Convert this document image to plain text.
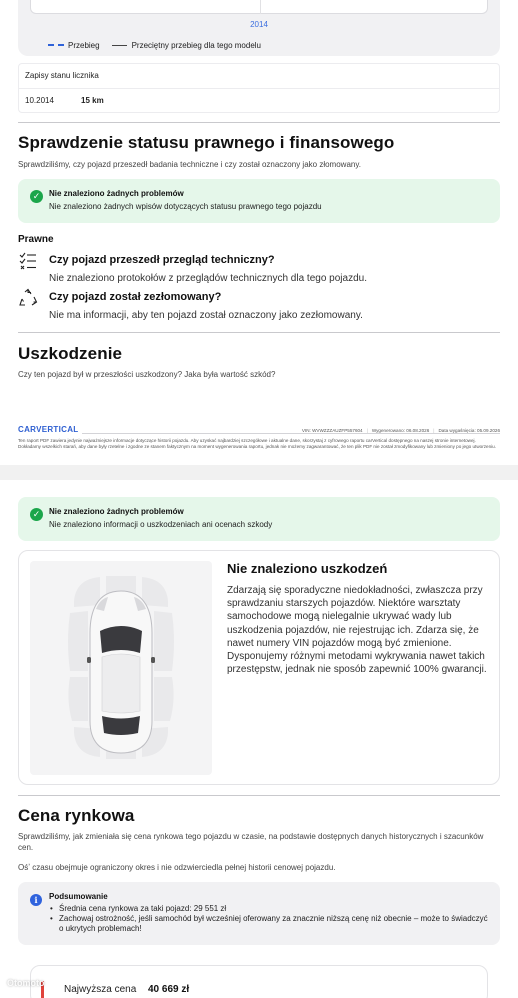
2014
Przebieg	Przeciętny przebieg dla tego modelu
Zapisy stanu licznika
10.2014	15 km
Sprawdzenie statusu prawnego i finansowego
Sprawdziliśmy, czy pojazd przeszedł badania techniczne i czy został oznaczony jako złomowany.
✓	Nie znaleziono żadnych problemów
Nie znaleziono żadnych wpisów dotyczących statusu prawnego tego pojazdu
Prawne
Czy pojazd przeszedł przegląd techniczny?
Nie znaleziono protokołów z przeglądów technicznych dla tego pojazdu.
Czy pojazd został zezłomowany?
Nie ma informacji, aby ten pojazd został oznaczony jako zezłomowany.
Uszkodzenie
Czy ten pojazd był w przeszłości uszkodzony? Jaka była wartość szkód?
CARVERTICAL	VIN: WVWZZZAUZFP557604 | Wygenerowano: 06.08.2026 | Data wygaśnięcia: 05.09.2026
Ten raport PDF zawiera jedynie najważniejsze informacje dotyczące historii pojazdu. Aby uzyskać najbardziej szczegółowe i aktualne dane, skorzystaj z cyfrowego raportu carVertical dostępnego na naszej stronie internetowej. Dokładamy wszelkich starań, aby dane były rzetelne i zgodne ze stanem faktycznym na moment wygenerowania raportu, jednak nie możemy zagwarantować, że ten plik PDF nie został zmodyfikowany lub zmieniony po jego utworzeniu.
✓	Nie znaleziono żadnych problemów
Nie znaleziono informacji o uszkodzeniach ani ocenach szkody
Nie znaleziono uszkodzeń
Zdarzają się sporadyczne niedokładności, zwłaszcza przy sprawdzaniu starszych pojazdów. Niektóre warsztaty samochodowe mogą nielegalnie ukrywać wady lub uszkodzenia pojazdów, nie rejestrując ich. Zdarza się, że nawet numery VIN pojazdów mogą być zmienione. Dysponujemy różnymi metodami wykrywania nawet takich przestępstw, jednak nie sposób zapewnić 100% gwarancji.
Cena rynkowa
Sprawdziliśmy, jak zmieniała się cena rynkowa tego pojazdu w czasie, na podstawie dostępnych danych historycznych i szacunków cen.
Ośʼ czasu obejmuje ograniczony okres i nie odzwierciedla pełnej historii cenowej pojazdu.
i	Podsumowanie
• Średnia cena rynkowa za taki pojazd: 29 551 zł
• Zachowaj ostrożność, jeśli samochód był wcześniej oferowany za znacznie niższą cenę niż obecnie – może to świadczyć o ukrytych problemach!
Najwyższa cena 40 669 zł
Otomoto
